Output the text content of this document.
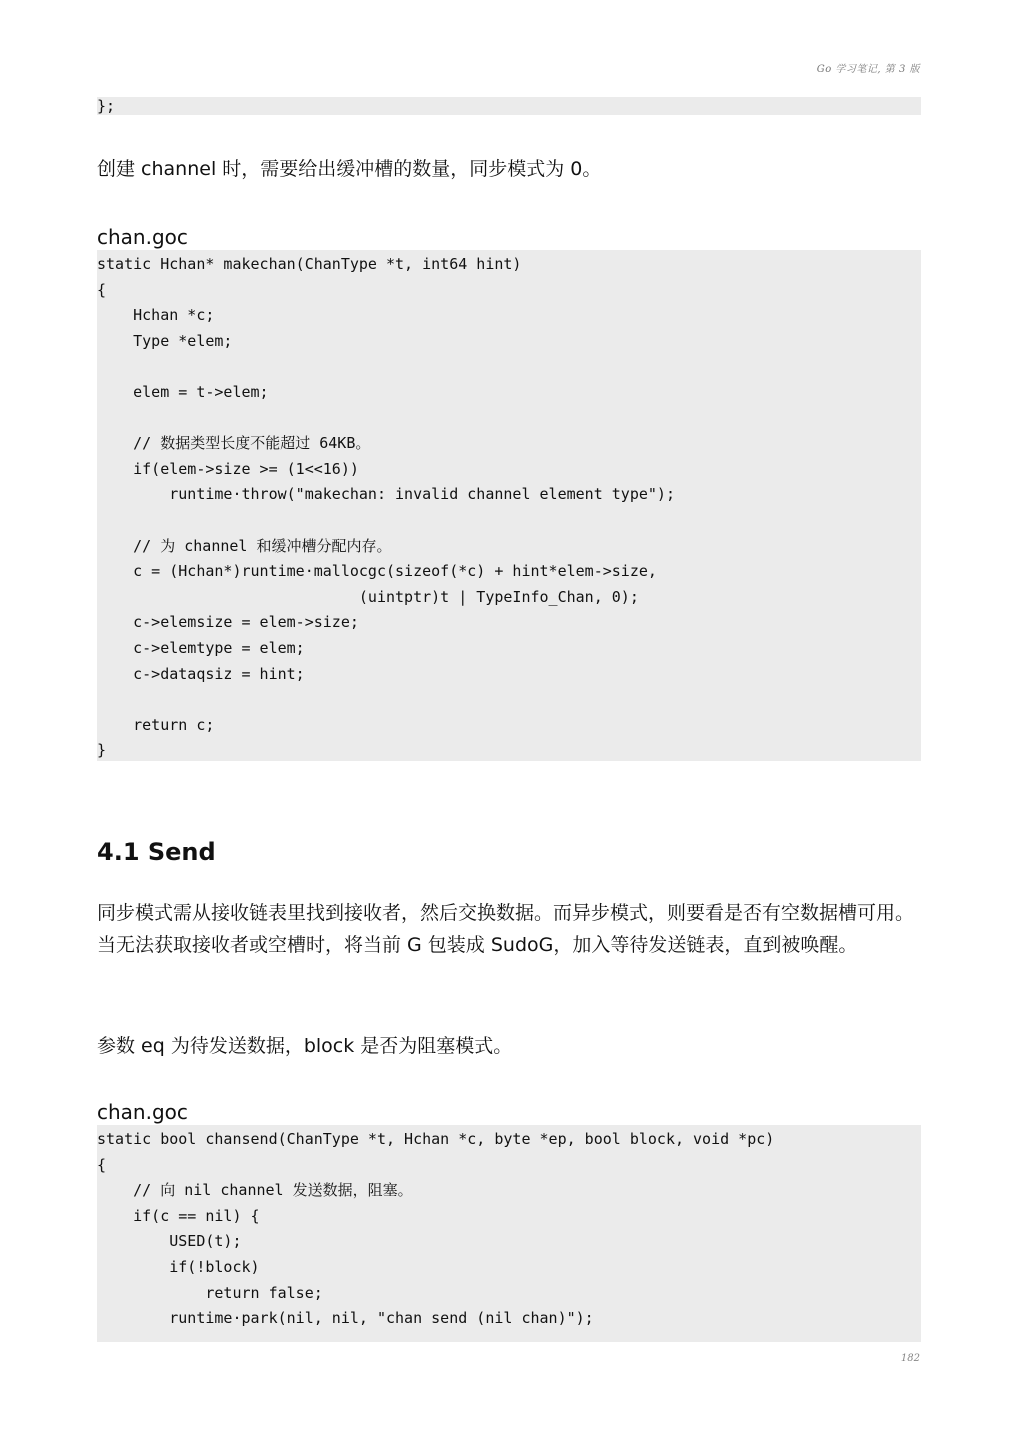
Go 学习笔记, 第 3 版
};

创建 channel 时，需要给出缓冲槽的数量，同步模式为 0。

chan.goc
static Hchan* makechan(ChanType *t, int64 hint)
{
Hchan *c;
Type *elem;
elem = t->elem;
// 数据类型长度不能超过 64KB。
if(elem->size >= (1<<16))
runtime·throw("makechan: invalid channel element type");
// 为 channel 和缓冲槽分配内存。
c = (Hchan*)runtime·mallocgc(sizeof(*c) + hint*elem->size,
(uintptr)t | TypeInfo_Chan, 0);
c->elemsize = elem->size;
c->elemtype = elem;
c->dataqsiz = hint;
return c;
}
4.1 Send

同步模式需从接收链表里找到接收者，然后交换数据。而异步模式，则要看是否有空数据槽可用。当无法获取接收者或空槽时，将当前 G 包装成 SudoG，加入等待发送链表，直到被唤醒。

参数 eq 为待发送数据，block 是否为阻塞模式。

chan.goc
static bool chansend(ChanType *t, Hchan *c, byte *ep, bool block, void *pc)
{
// 向 nil channel 发送数据，阻塞。
if(c == nil) {
USED(t);
if(!block)
return false;
runtime·park(nil, nil, "chan send (nil chan)");
182
